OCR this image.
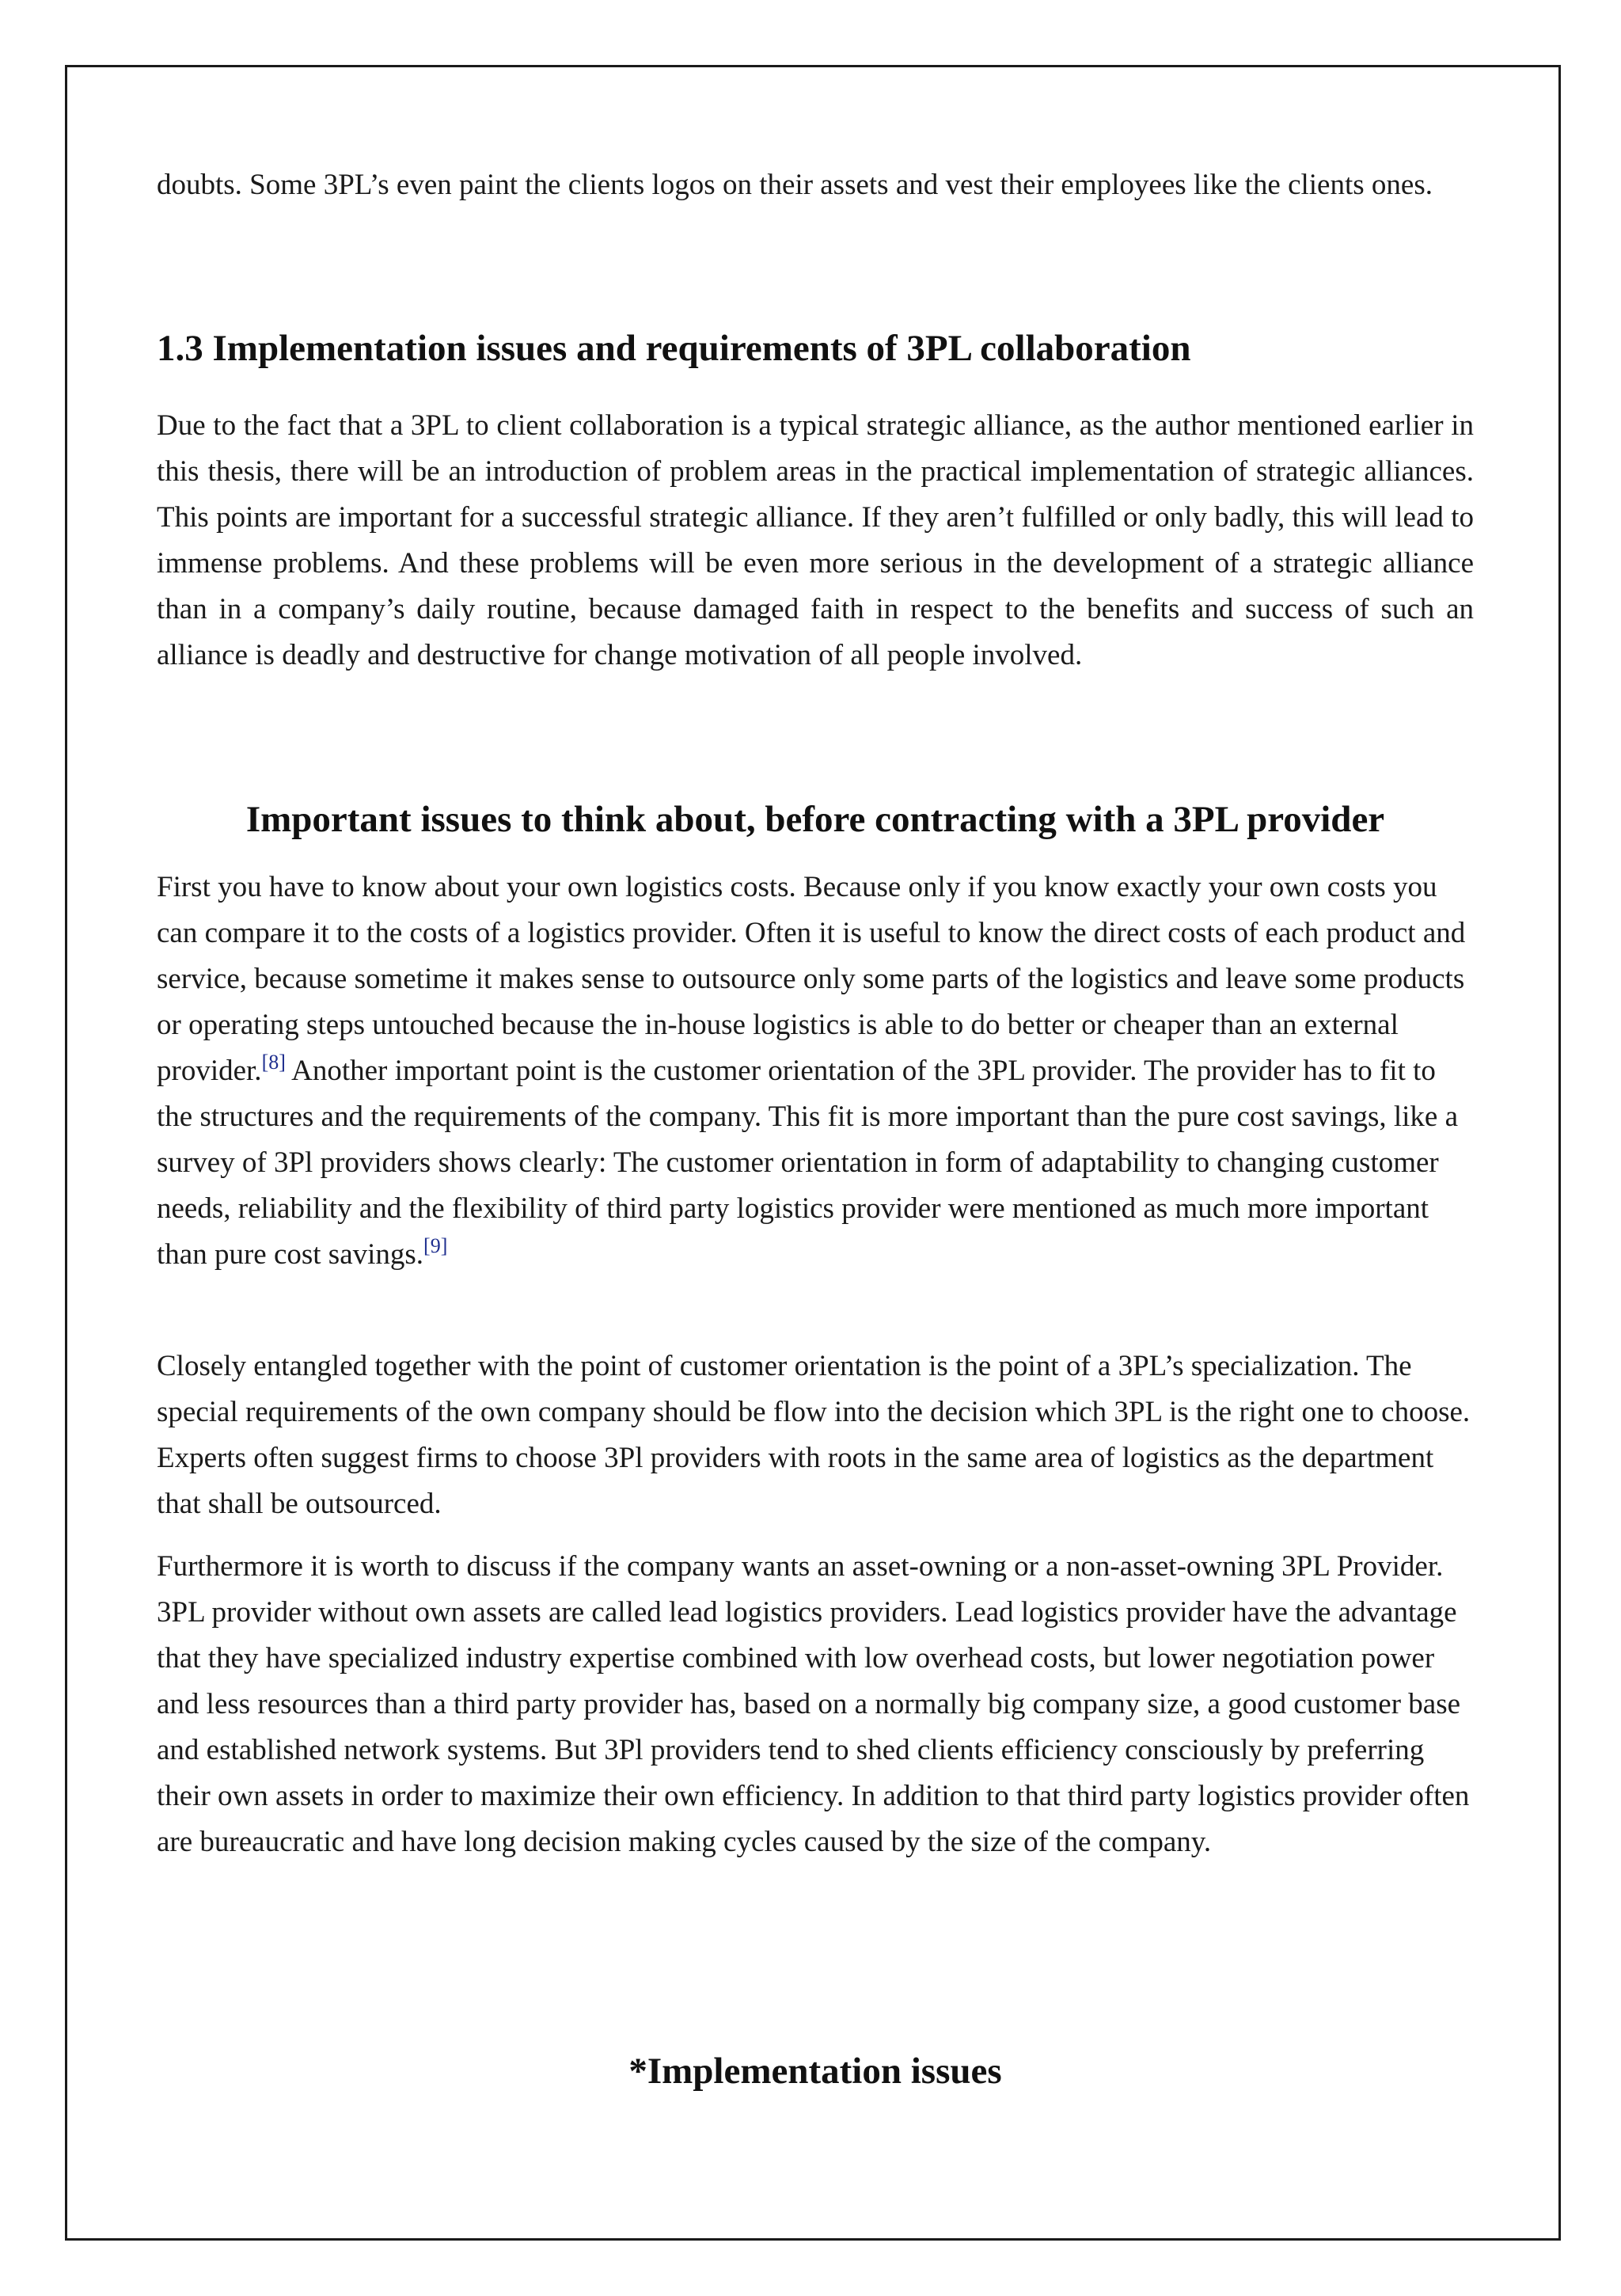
doubts. Some 3PL’s even paint the clients logos on their assets and vest their employees like the clients ones.

1.3 Implementation issues and requirements of 3PL collaboration

Due to the fact that a 3PL to client collaboration is a typical strategic alliance, as the author mentioned earlier in this thesis, there will be an introduction of problem areas in the practical implementation of strategic alliances. This points are important for a successful strategic alliance. If they aren’t fulfilled or only badly, this will lead to immense problems. And these problems will be even more serious in the development of a strategic alliance than in a company’s daily routine, because damaged faith in respect to the benefits and success of such an alliance is deadly and destructive for change motivation of all people involved.

Important issues to think about, before contracting with a 3PL provider

First you have to know about your own logistics costs. Because only if you know exactly your own costs you can compare it to the costs of a logistics provider. Often it is useful to know the direct costs of each product and service, because sometime it makes sense to outsource only some parts of the logistics and leave some products or operating steps untouched because the in-house logistics is able to do better or cheaper than an external provider.[8] Another important point is the customer orientation of the 3PL provider. The provider has to fit to the structures and the requirements of the company. This fit is more important than the pure cost savings, like a survey of 3Pl providers shows clearly: The customer orientation in form of adaptability to changing customer needs, reliability and the flexibility of third party logistics provider were mentioned as much more important than pure cost savings.[9]

Closely entangled together with the point of customer orientation is the point of a 3PL’s specialization. The special requirements of the own company should be flow into the decision which 3PL is the right one to choose. Experts often suggest firms to choose 3Pl providers with roots in the same area of logistics as the department that shall be outsourced.

Furthermore it is worth to discuss if the company wants an asset-owning or a non-asset-owning 3PL Provider. 3PL provider without own assets are called lead logistics providers. Lead logistics provider have the advantage that they have specialized industry expertise combined with low overhead costs, but lower negotiation power and less resources than a third party provider has, based on a normally big company size, a good customer base and established network systems. But 3Pl providers tend to shed clients efficiency consciously by preferring their own assets in order to maximize their own efficiency. In addition to that third party logistics provider often are bureaucratic and have long decision making cycles caused by the size of the company.

*Implementation issues
